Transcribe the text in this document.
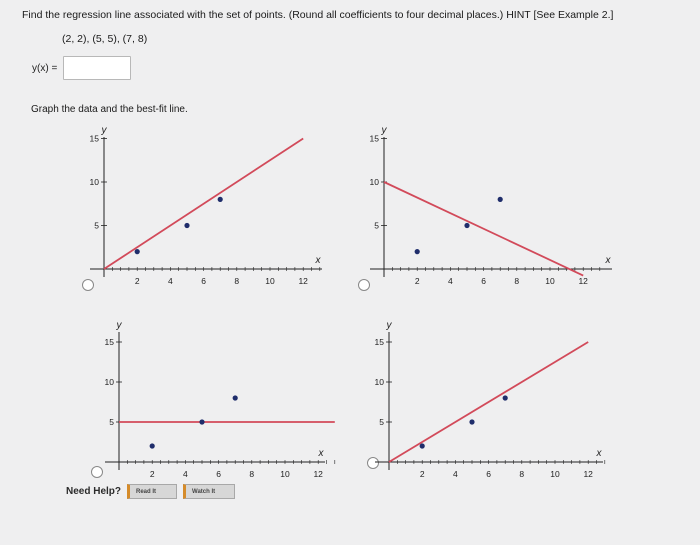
Find the regression line associated with the set of points. (Round all coefficients to four decimal places.) HINT [See Example 2.]
(2, 2), (5, 5), (7, 8)
y(x) =
Graph the data and the best-fit line.
2	4	6	8	10	12
5
10
15
y
x
2	4	6	8	10	12
5
10
15
y
x
2	4	6	8	10	12
5
10
15
y
x
2	4	6	8	10	12
5
10
15
y
x
Need Help?	Read It	Watch It
